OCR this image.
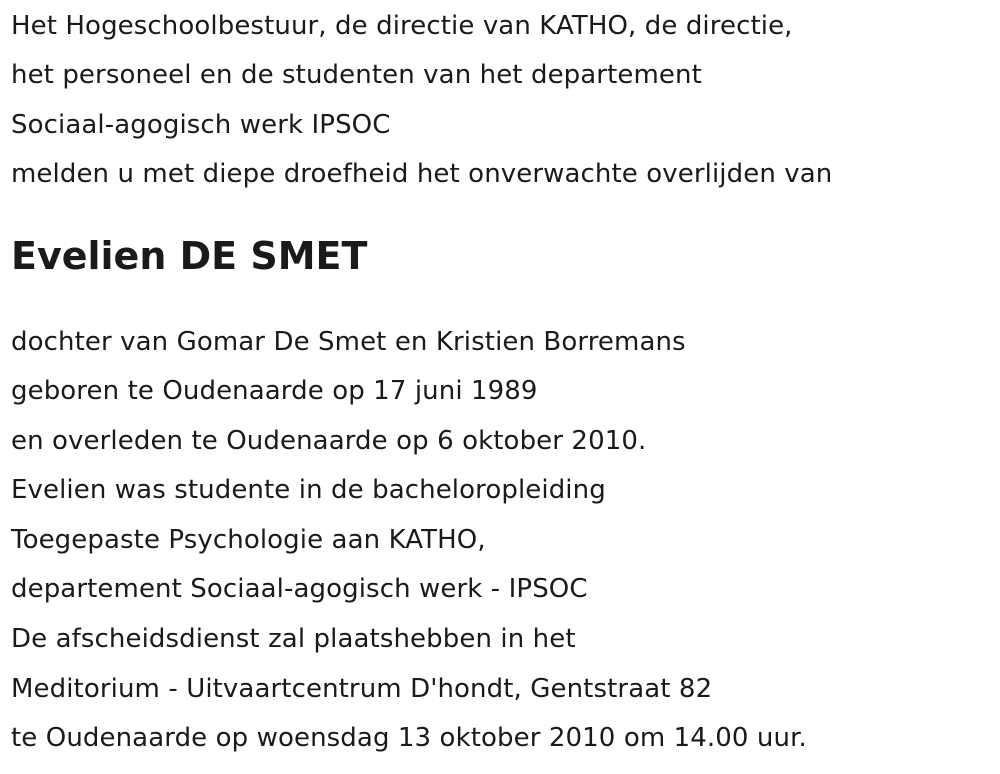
Het Hogeschoolbestuur, de directie van KATHO, de directie,
het personeel en de studenten van het departement
Sociaal-agogisch werk IPSOC
melden u met diepe droefheid het onverwachte overlijden van
Evelien DE SMET
dochter van Gomar De Smet en Kristien Borremans
geboren te Oudenaarde op 17 juni 1989
en overleden te Oudenaarde op 6 oktober 2010.
Evelien was studente in de bacheloropleiding
Toegepaste Psychologie aan KATHO,
departement Sociaal-agogisch werk - IPSOC
De afscheidsdienst zal plaatshebben in het
Meditorium - Uitvaartcentrum D'hondt, Gentstraat 82
te Oudenaarde op woensdag 13 oktober 2010 om 14.00 uur.
